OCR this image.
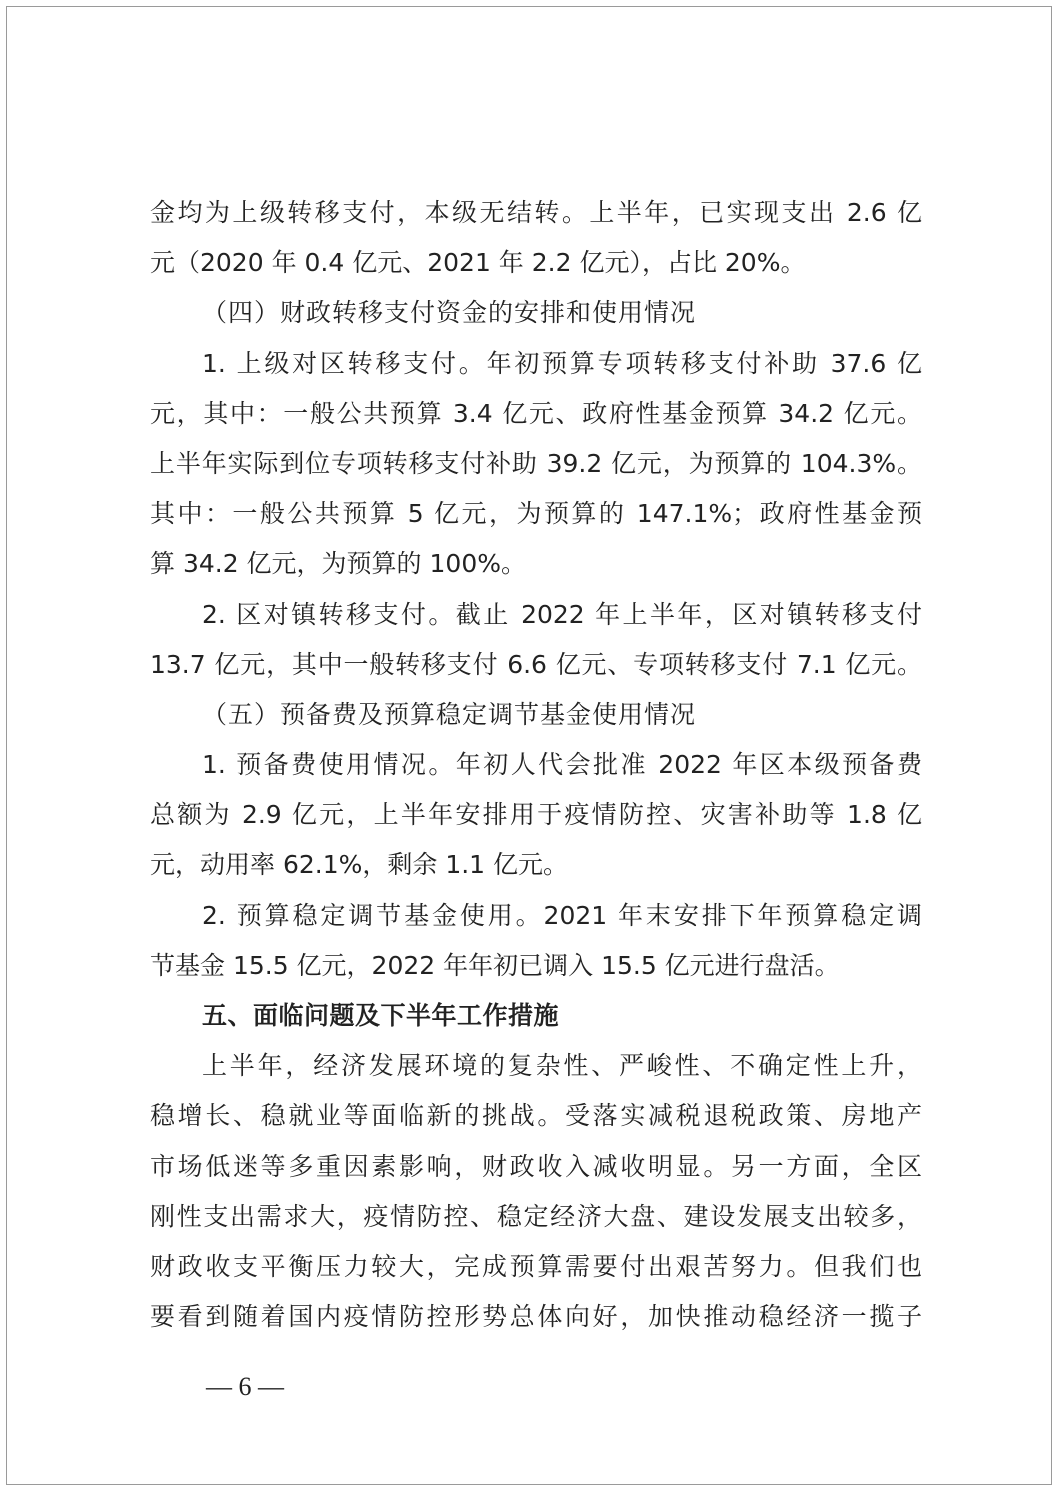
金均为上级转移支付，本级无结转。上半年，已实现支出 2.6 亿
元（2020 年 0.4 亿元、2021 年 2.2 亿元），占比 20%。
（四）财政转移支付资金的安排和使用情况
1. 上级对区转移支付。年初预算专项转移支付补助 37.6 亿
元，其中：一般公共预算 3.4 亿元、政府性基金预算 34.2 亿元。
上半年实际到位专项转移支付补助 39.2 亿元，为预算的 104.3%。
其中：一般公共预算 5 亿元，为预算的 147.1%；政府性基金预
算 34.2 亿元，为预算的 100%。
2. 区对镇转移支付。截止 2022 年上半年，区对镇转移支付
13.7 亿元，其中一般转移支付 6.6 亿元、专项转移支付 7.1 亿元。
（五）预备费及预算稳定调节基金使用情况
1. 预备费使用情况。年初人代会批准 2022 年区本级预备费
总额为 2.9 亿元，上半年安排用于疫情防控、灾害补助等 1.8 亿
元，动用率 62.1%，剩余 1.1 亿元。
2. 预算稳定调节基金使用。2021 年末安排下年预算稳定调
节基金 15.5 亿元，2022 年年初已调入 15.5 亿元进行盘活。
五、面临问题及下半年工作措施
上半年，经济发展环境的复杂性、严峻性、不确定性上升，
稳增长、稳就业等面临新的挑战。受落实减税退税政策、房地产
市场低迷等多重因素影响，财政收入减收明显。另一方面，全区
刚性支出需求大，疫情防控、稳定经济大盘、建设发展支出较多，
财政收支平衡压力较大，完成预算需要付出艰苦努力。但我们也
要看到随着国内疫情防控形势总体向好，加快推动稳经济一揽子
— 6 —
